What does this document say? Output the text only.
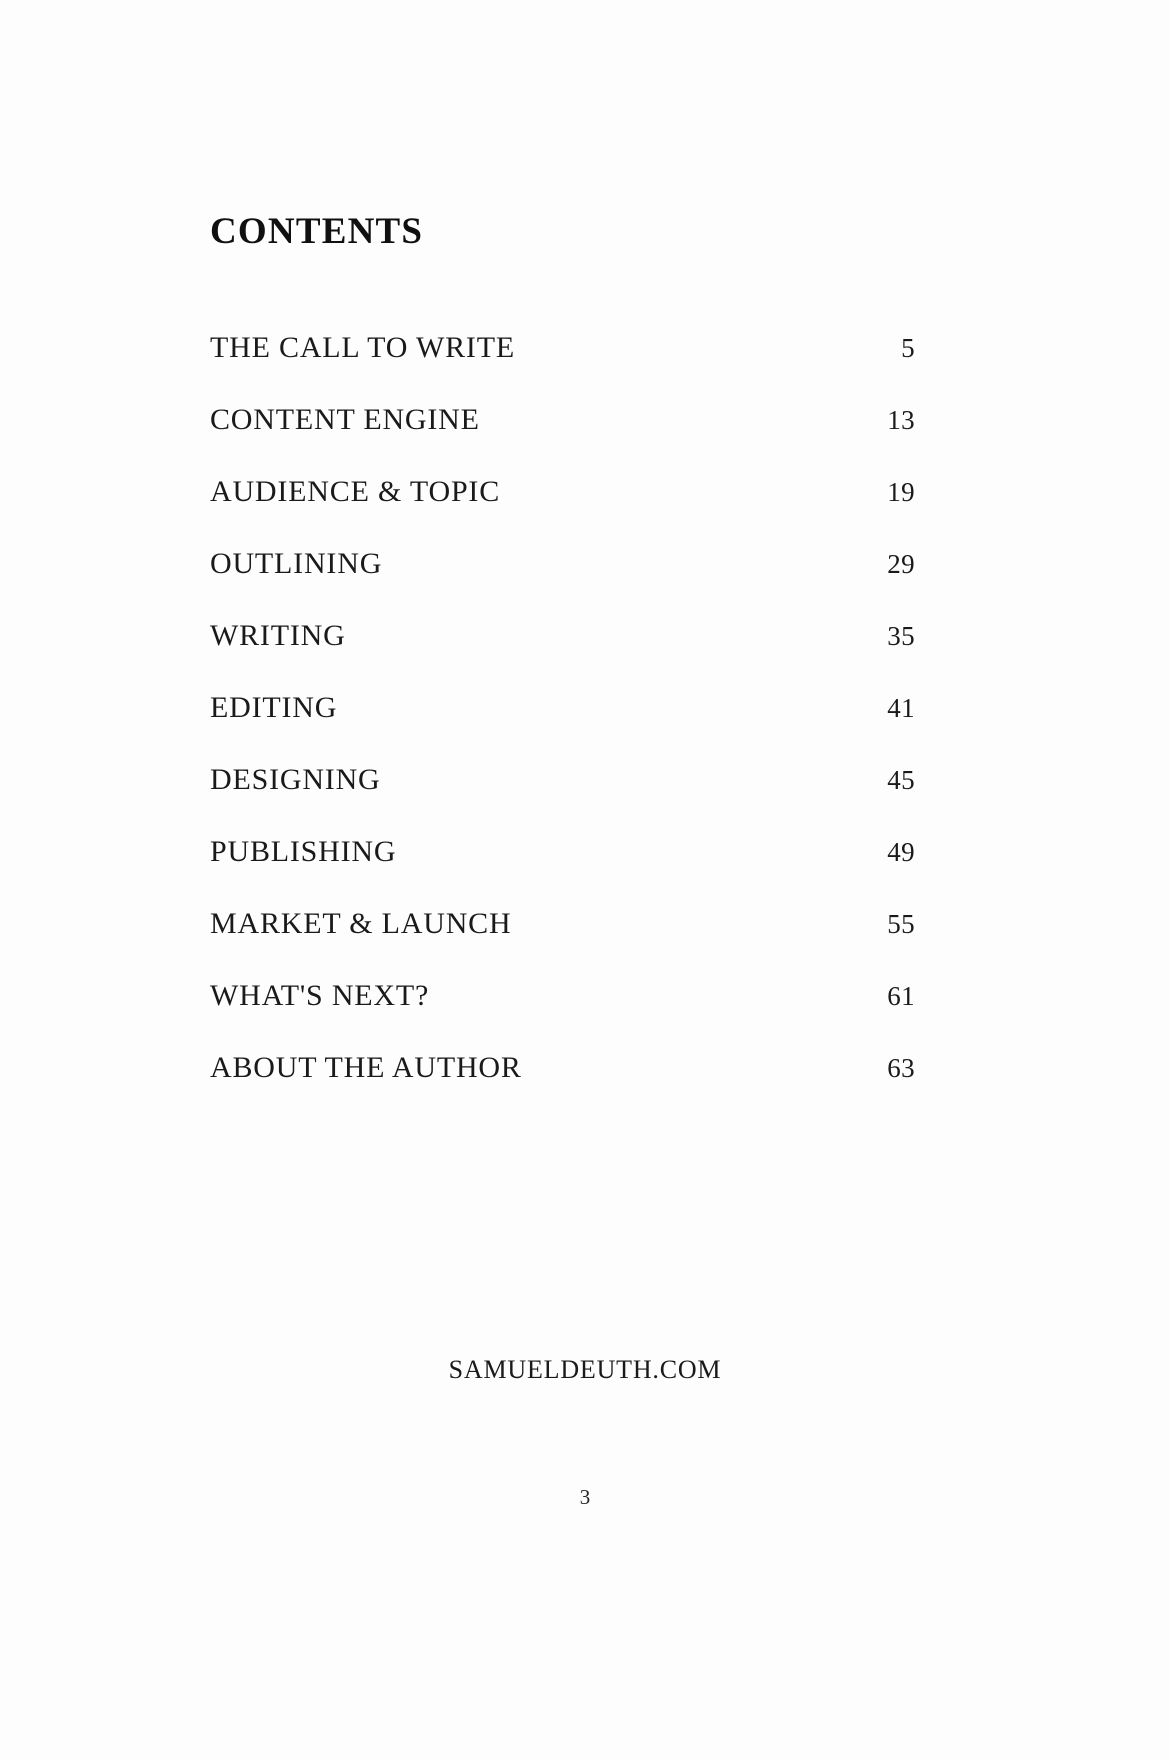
CONTENTS
THE CALL TO WRITE	5
CONTENT ENGINE	13
AUDIENCE & TOPIC	19
OUTLINING	29
WRITING	35
EDITING	41
DESIGNING	45
PUBLISHING	49
MARKET & LAUNCH	55
WHAT'S NEXT?	61
ABOUT THE AUTHOR	63
SAMUELDEUTH.COM
3
